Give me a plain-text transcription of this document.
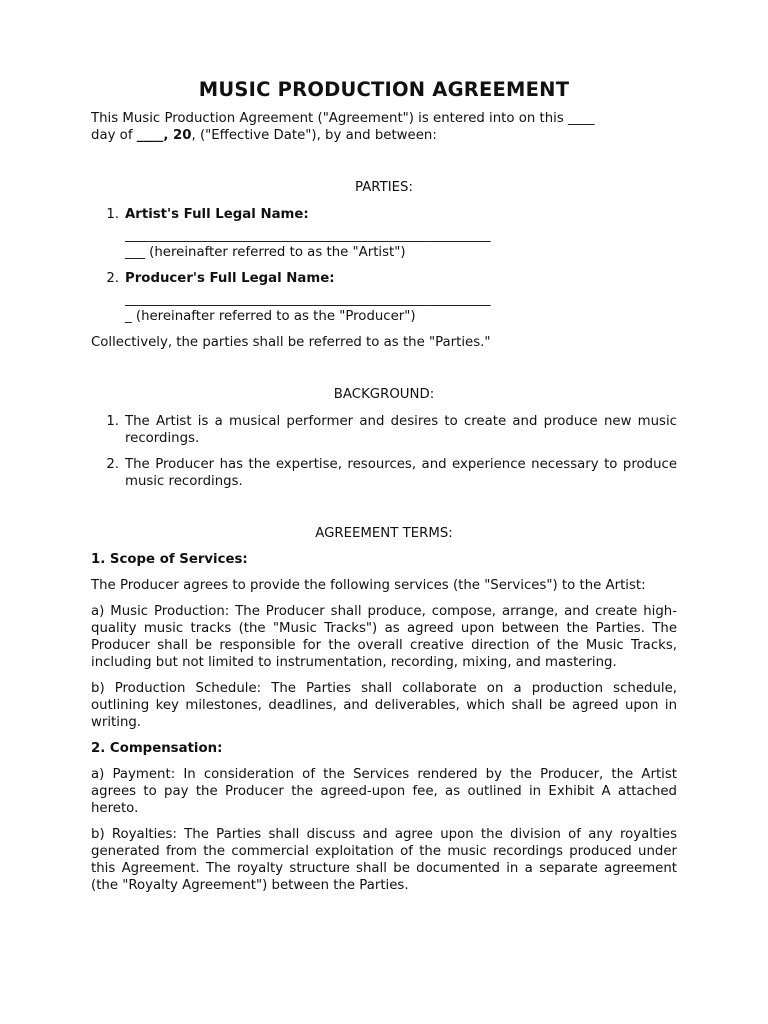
MUSIC PRODUCTION AGREEMENT

This Music Production Agreement ("Agreement") is entered into on this ____
day of ____, 20, ("Effective Date"), by and between:

PARTIES:

1. Artist's Full Legal Name:
_______________________________________________________
___ (hereinafter referred to as the "Artist")
2. Producer's Full Legal Name:
_______________________________________________________
_ (hereinafter referred to as the "Producer")

Collectively, the parties shall be referred to as the "Parties."

BACKGROUND:

1. The Artist is a musical performer and desires to create and produce new music recordings.
2. The Producer has the expertise, resources, and experience necessary to produce music recordings.

AGREEMENT TERMS:

1. Scope of Services:

The Producer agrees to provide the following services (the "Services") to the Artist:

a) Music Production: The Producer shall produce, compose, arrange, and create high-quality music tracks (the "Music Tracks") as agreed upon between the Parties. The Producer shall be responsible for the overall creative direction of the Music Tracks, including but not limited to instrumentation, recording, mixing, and mastering.

b) Production Schedule: The Parties shall collaborate on a production schedule, outlining key milestones, deadlines, and deliverables, which shall be agreed upon in writing.

2. Compensation:

a) Payment: In consideration of the Services rendered by the Producer, the Artist agrees to pay the Producer the agreed-upon fee, as outlined in Exhibit A attached hereto.

b) Royalties: The Parties shall discuss and agree upon the division of any royalties generated from the commercial exploitation of the music recordings produced under this Agreement. The royalty structure shall be documented in a separate agreement (the "Royalty Agreement") between the Parties.
